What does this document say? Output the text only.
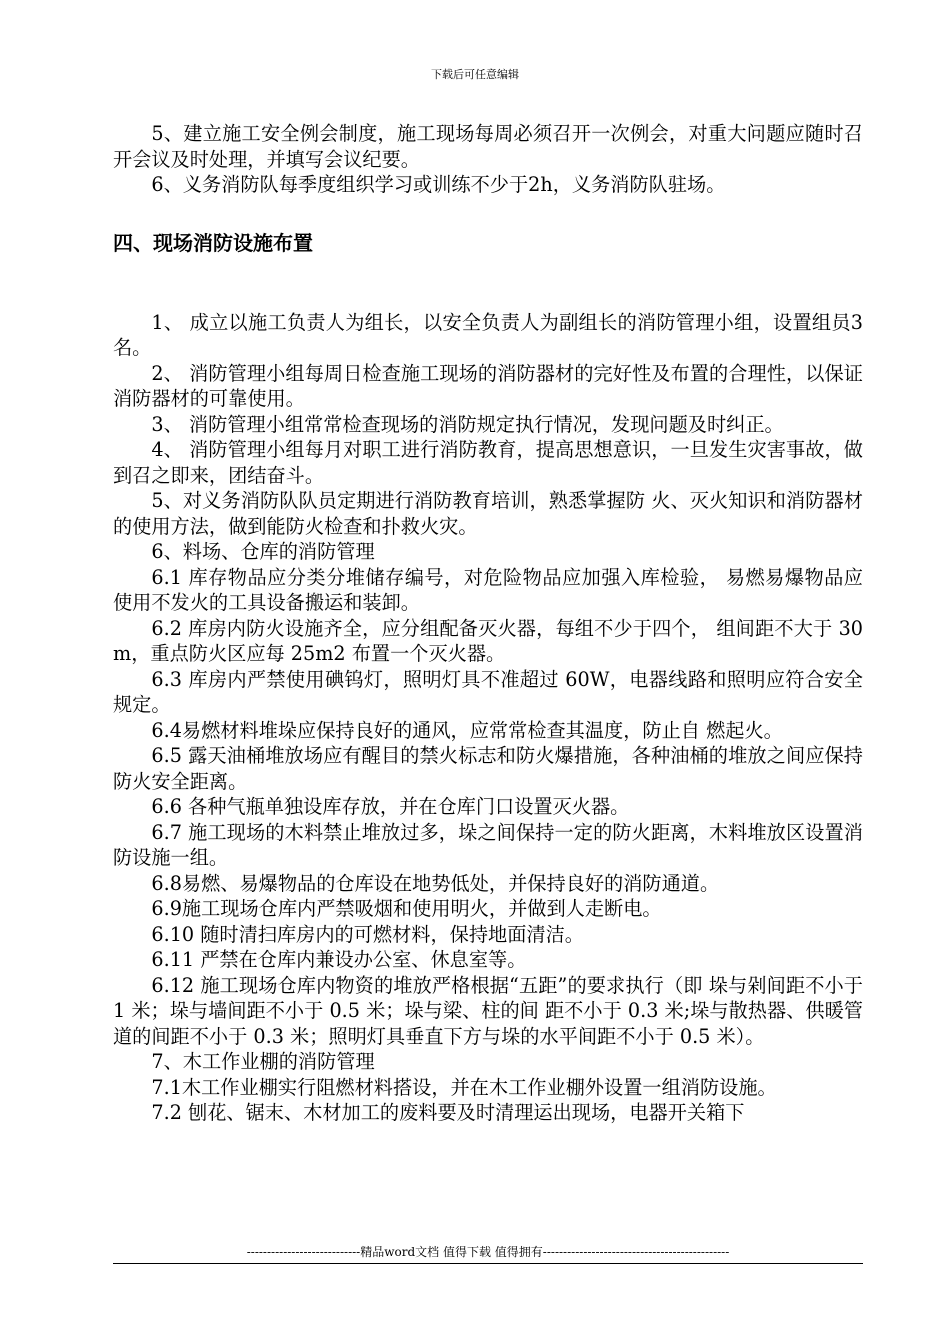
下载后可任意编辑

5、建立施工安全例会制度，施工现场每周必须召开一次例会，对重大问题应随时召开会议及时处理，并填写会议纪要。

6、义务消防队每季度组织学习或训练不少于2h，义务消防队驻场。

四、现场消防设施布置

1、 成立以施工负责人为组长，以安全负责人为副组长的消防管理小组，设置组员3名。

2、 消防管理小组每周日检查施工现场的消防器材的完好性及布置的合理性，以保证消防器材的可靠使用。

3、 消防管理小组常常检查现场的消防规定执行情况，发现问题及时纠正。

4、 消防管理小组每月对职工进行消防教育，提高思想意识，一旦发生灾害事故，做到召之即来，团结奋斗。

5、对义务消防队队员定期进行消防教育培训，熟悉掌握防 火、灭火知识和消防器材的使用方法，做到能防火检查和扑救火灾。

6、料场、仓库的消防管理

6.1 库存物品应分类分堆储存编号，对危险物品应加强入库检验， 易燃易爆物品应使用不发火的工具设备搬运和装卸。

6.2 库房内防火设施齐全，应分组配备灭火器，每组不少于四个， 组间距不大于 30m，重点防火区应每 25m2 布置一个灭火器。

6.3 库房内严禁使用碘钨灯，照明灯具不准超过 60W，电器线路和照明应符合安全规定。

6.4易燃材料堆垛应保持良好的通风，应常常检查其温度，防止自 燃起火。

6.5 露天油桶堆放场应有醒目的禁火标志和防火爆措施，各种油桶的堆放之间应保持防火安全距离。

6.6 各种气瓶单独设库存放，并在仓库门口设置灭火器。

6.7 施工现场的木料禁止堆放过多，垛之间保持一定的防火距离，木料堆放区设置消防设施一组。

6.8易燃、易爆物品的仓库设在地势低处，并保持良好的消防通道。

6.9施工现场仓库内严禁吸烟和使用明火，并做到人走断电。

6.10 随时清扫库房内的可燃材料，保持地面清洁。

6.11 严禁在仓库内兼设办公室、休息室等。

6.12 施工现场仓库内物资的堆放严格根据“五距”的要求执行（即 垛与剁间距不小于 1 米；垛与墙间距不小于 0.5 米；垛与梁、柱的间 距不小于 0.3 米;垛与散热器、供暖管道的间距不小于 0.3 米；照明灯具垂直下方与垛的水平间距不小于 0.5 米）。

7、木工作业棚的消防管理

7.1木工作业棚实行阻燃材料搭设，并在木工作业棚外设置一组消防设施。

7.2 刨花、锯末、木材加工的废料要及时清理运出现场，电器开关箱下

----------------------------精品word文档 值得下载 值得拥有----------------------------------------------
